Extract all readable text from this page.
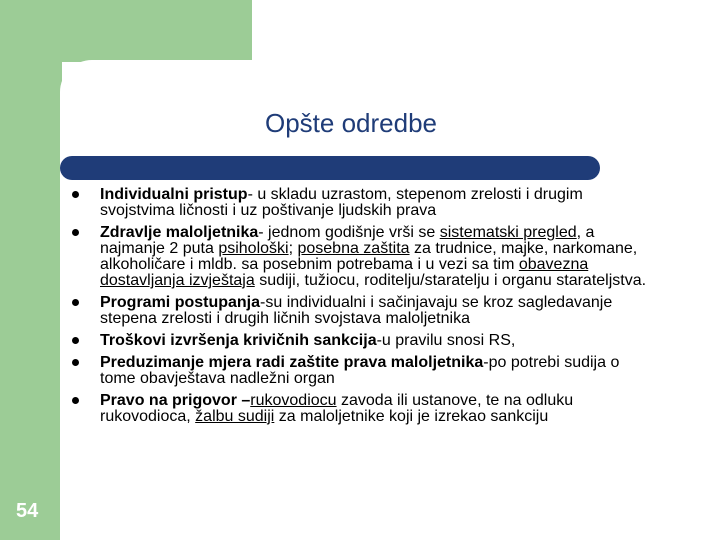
Opšte odredbe
Individualni pristup- u skladu uzrastom, stepenom zrelosti i drugim svojstvima ličnosti i uz poštivanje ljudskih prava
Zdravlje maloljetnika- jednom godišnje vrši se sistematski pregled, a najmanje 2 puta psihološki; posebna zaštita za trudnice, majke, narkomane, alkoholičare i mldb. sa posebnim potrebama i u vezi sa tim obavezna dostavljanja izvještaja sudiji, tužiocu, roditelju/staratelju i organu starateljstva.
Programi postupanja-su individualni i sačinjavaju se kroz sagledavanje stepena zrelosti i drugih ličnih svojstava maloljetnika
Troškovi izvršenja krivičnih sankcija-u pravilu snosi RS,
Preduzimanje mjera radi zaštite prava maloljetnika-po potrebi sudija o tome obavještava nadležni organ
Pravo na prigovor –rukovodiocu zavoda ili ustanove, te na odluku rukovodioca, žalbu sudiji za maloljetnike koji je izrekao sankciju
54
